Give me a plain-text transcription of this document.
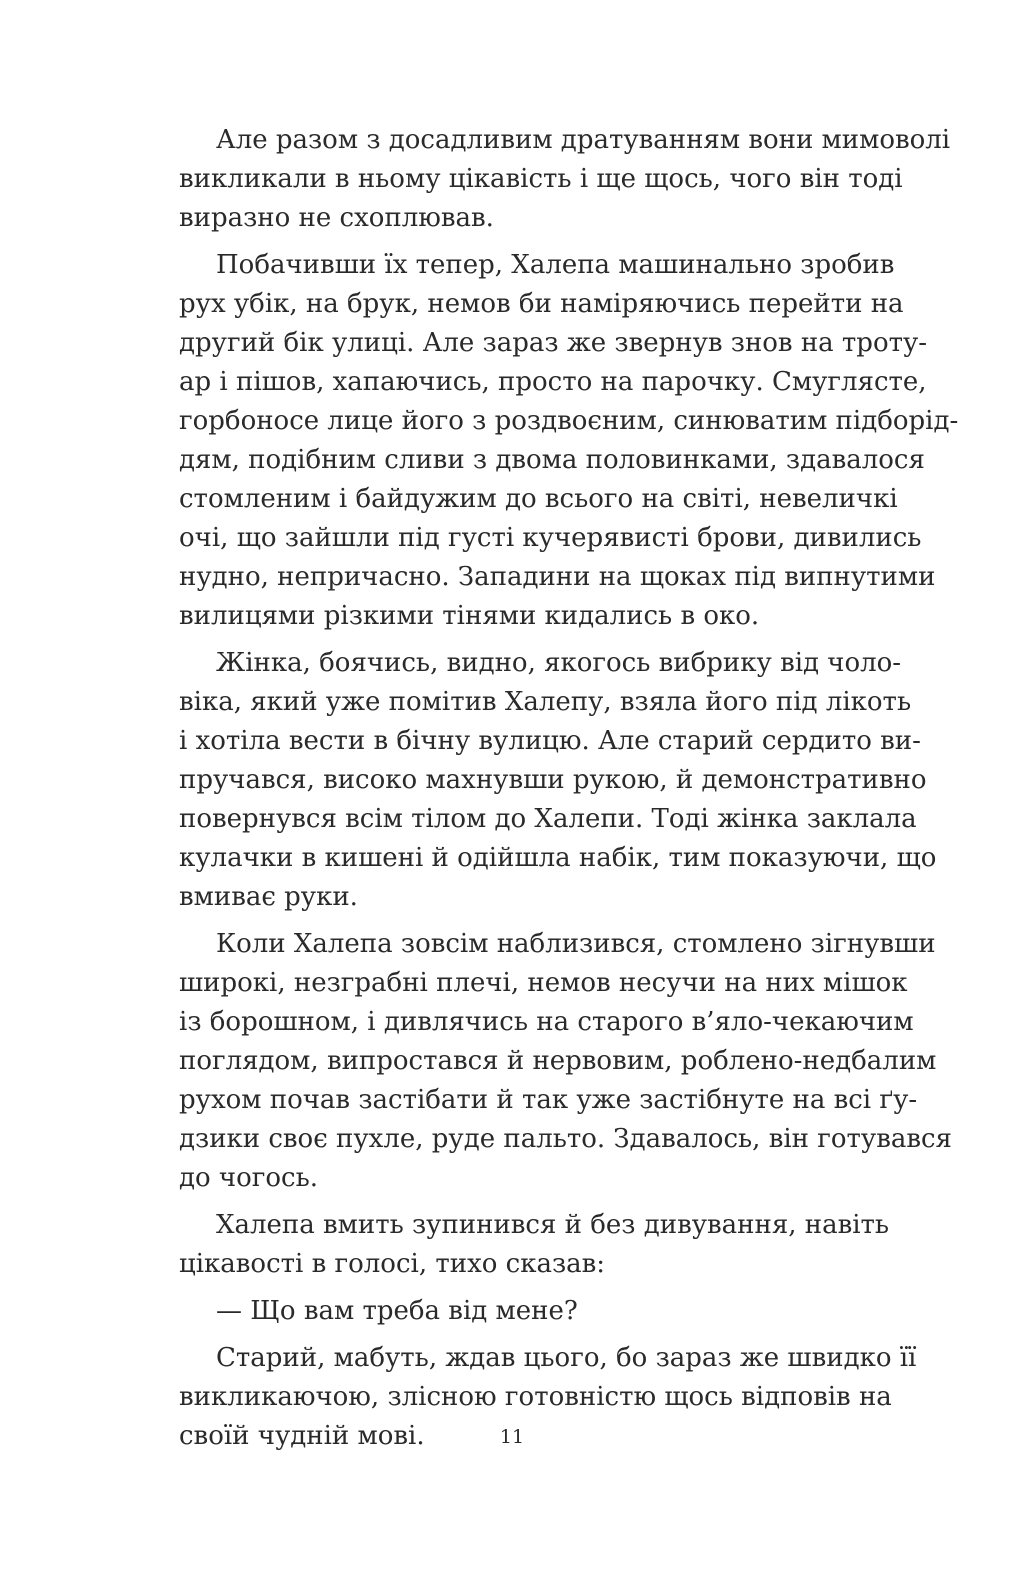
Але разом з досадливим дратуванням вони мимоволі
викликали в ньому цікавість і ще щось, чого він тоді
виразно не схоплював.
Побачивши їх тепер, Халепа машинально зробив
рух убік, на брук, немов би наміряючись перейти на
другий бік улиці. Але зараз же звернув знов на троту-
ар і пішов, хапаючись, просто на парочку. Смуглясте,
горбоносе лице його з роздвоєним, синюватим підборід-
дям, подібним сливи з двома половинками, здавалося
стомленим і байдужим до всього на світі, невеличкі
очі, що зайшли під густі кучерявисті брови, дивились
нудно, непричасно. Западини на щоках під випнутими
вилицями різкими тінями кидались в око.
Жінка, боячись, видно, якогось вибрику від чоло-
віка, який уже помітив Халепу, взяла його під лікоть
і хотіла вести в бічну вулицю. Але старий сердито ви-
пручався, високо махнувши рукою, й демонстративно
повернувся всім тілом до Халепи. Тоді жінка заклала
кулачки в кишені й одійшла набік, тим показуючи, що
вмиває руки.
Коли Халепа зовсім наблизився, стомлено зігнувши
широкі, незграбні плечі, немов несучи на них мішок
із борошном, і дивлячись на старого в’яло-чекаючим
поглядом, випростався й нервовим, роблено-недбалим
рухом почав застібати й так уже застібнуте на всі ґу-
дзики своє пухле, руде пальто. Здавалось, він готувався
до чогось.
Халепа вмить зупинився й без дивування, навіть
цікавості в голосі, тихо сказав:
— Що вам треба від мене?
Старий, мабуть, ждав цього, бо зараз же швидко її
викликаючою, злісною готовністю щось відповів на
своїй чудній мові.	11
